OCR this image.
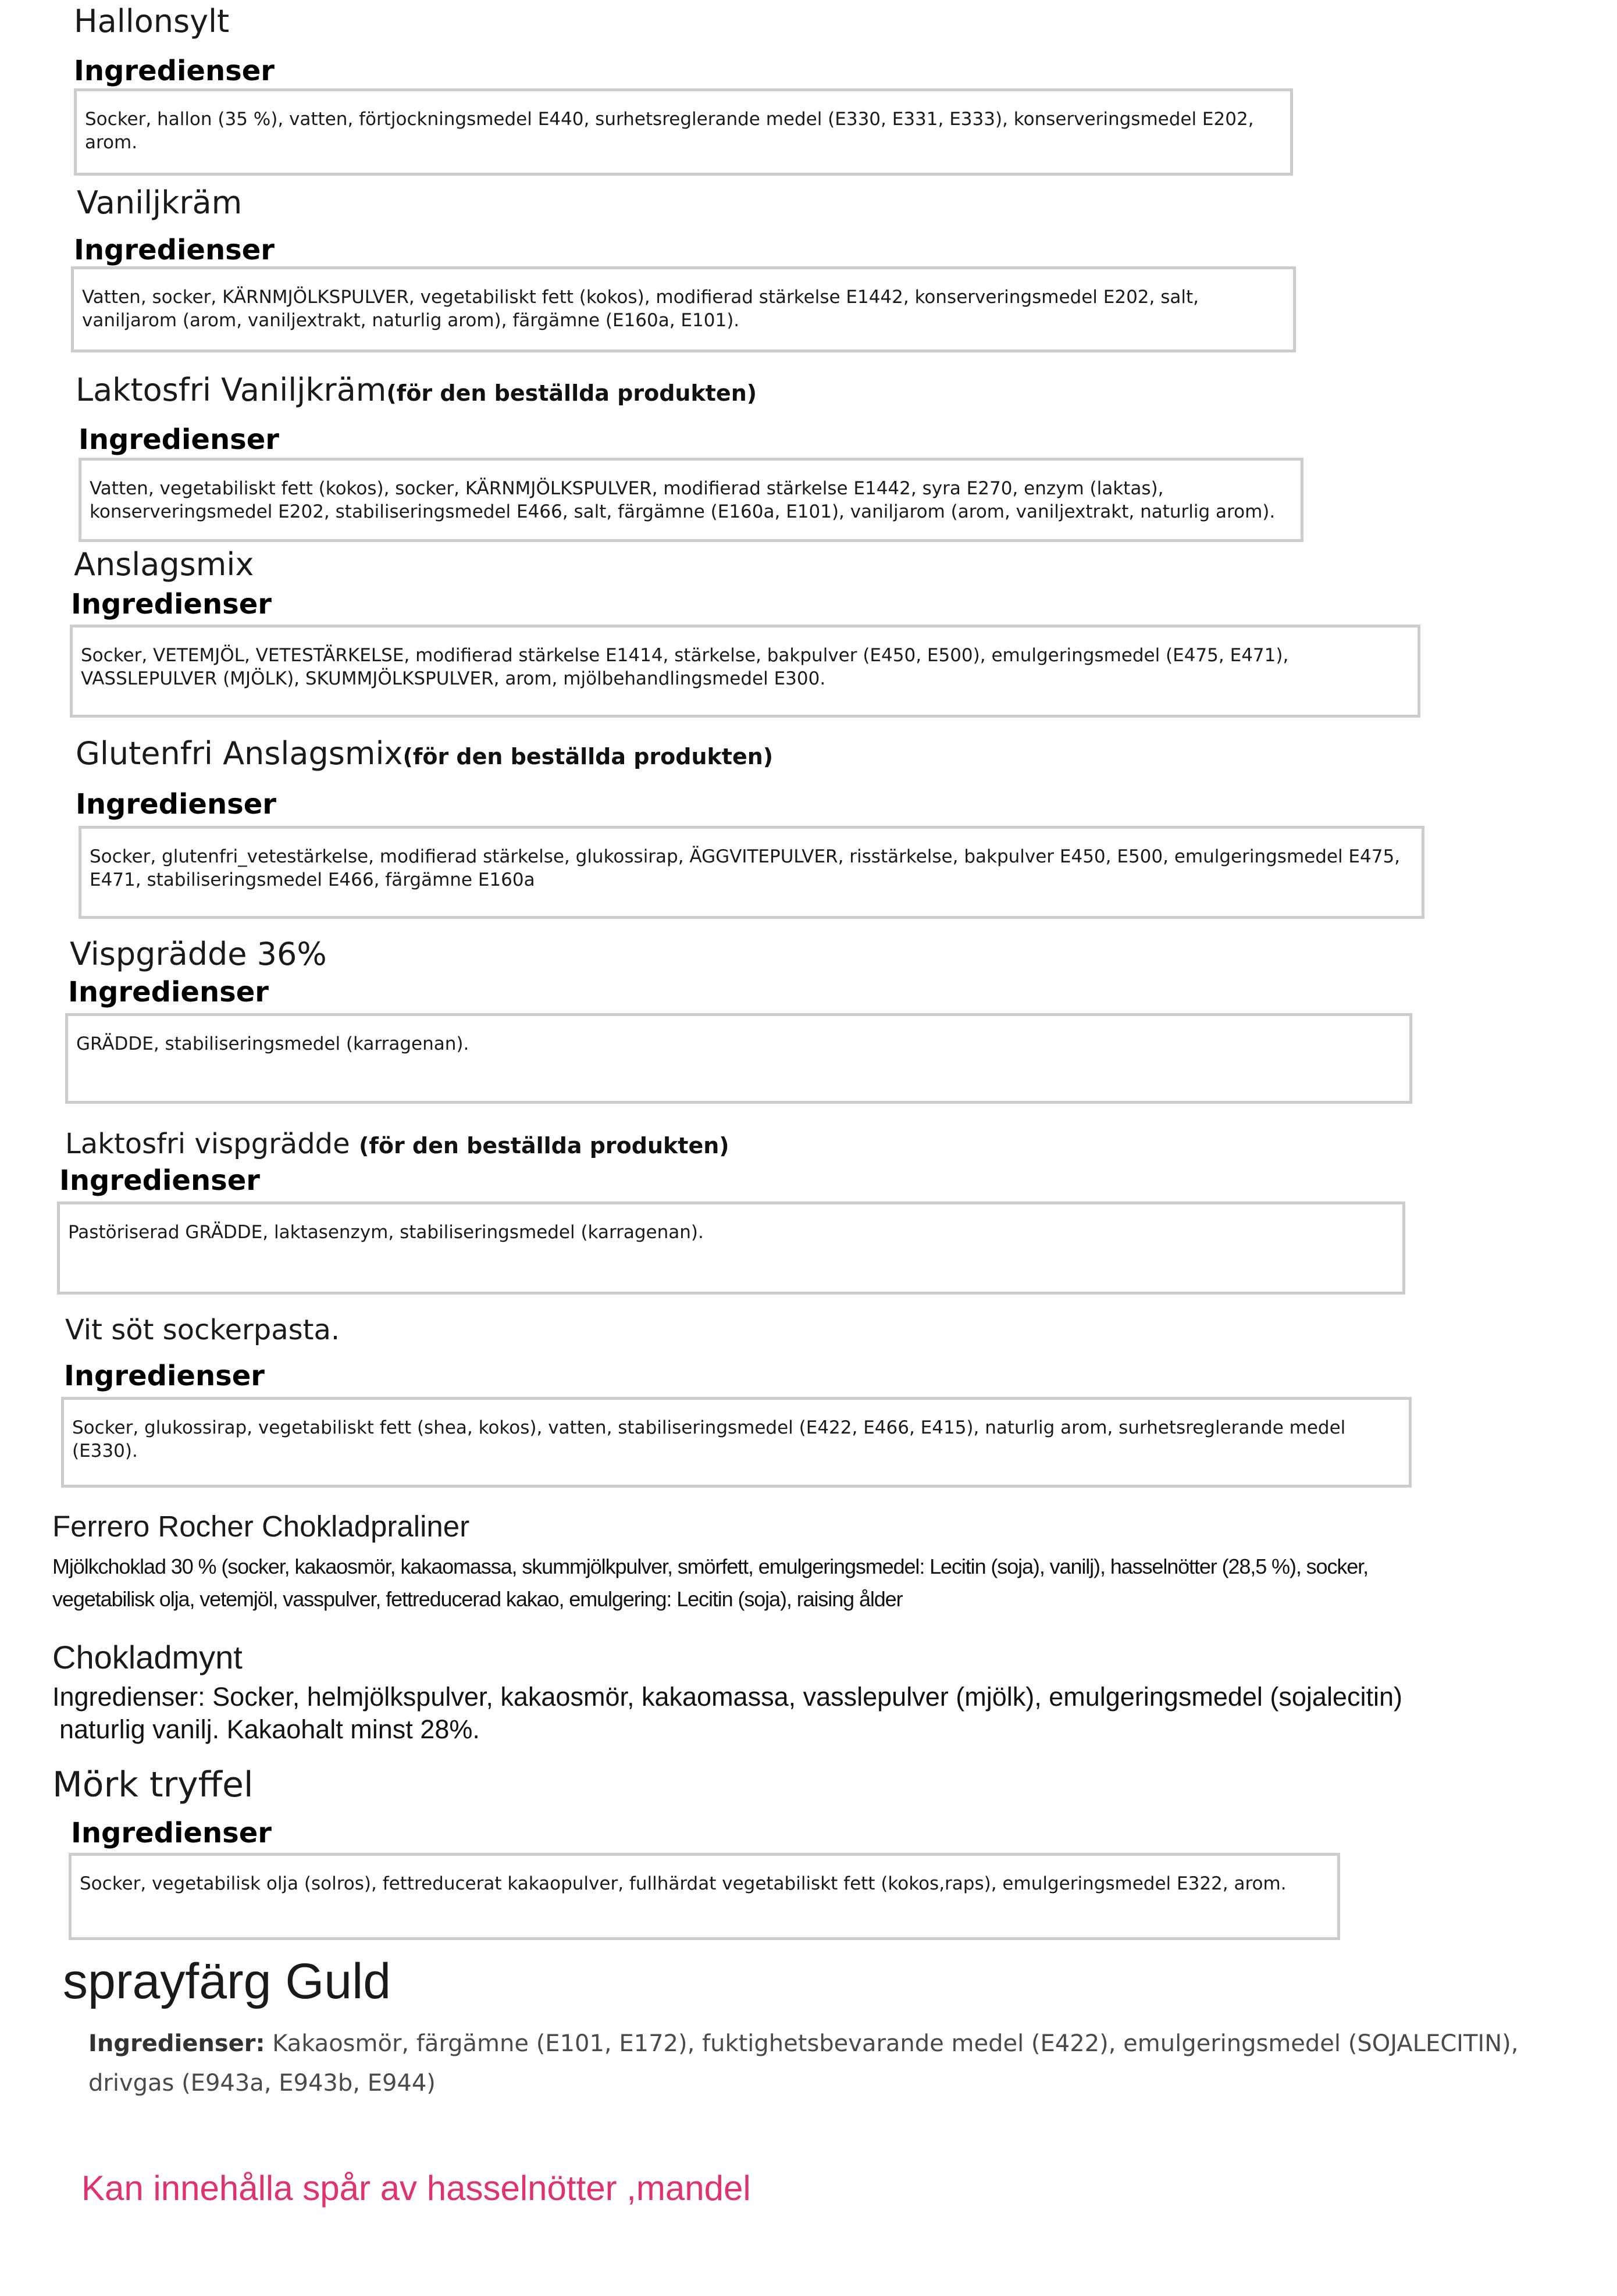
Hallonsylt
Ingredienser
Socker, hallon (35 %), vatten, förtjockningsmedel E440, surhetsreglerande medel (E330, E331, E333), konserveringsmedel E202, arom.
Vaniljkräm
Ingredienser
Vatten, socker, KÄRNMJÖLKSPULVER, vegetabiliskt fett (kokos), modifierad stärkelse E1442, konserveringsmedel E202, salt, vaniljarom (arom, vaniljextrakt, naturlig arom), färgämne (E160a, E101).
Laktosfri Vaniljkräm(för den beställda produkten)
Ingredienser
Vatten, vegetabiliskt fett (kokos), socker, KÄRNMJÖLKSPULVER, modifierad stärkelse E1442, syra E270, enzym (laktas), konserveringsmedel E202, stabiliseringsmedel E466, salt, färgämne (E160a, E101), vaniljarom (arom, vaniljextrakt, naturlig arom).
Anslagsmix
Ingredienser
Socker, VETEMJÖL, VETESTÄRKELSE, modifierad stärkelse E1414, stärkelse, bakpulver (E450, E500), emulgeringsmedel (E475, E471), VASSLEPULVER (MJÖLK), SKUMMJÖLKSPULVER, arom, mjölbehandlingsmedel E300.
Glutenfri Anslagsmix(för den beställda produkten)
Ingredienser
Socker, glutenfri_vetestärkelse, modifierad stärkelse, glukossirap, ÄGGVITEPULVER, risstärkelse, bakpulver E450, E500, emulgeringsmedel E475, E471, stabiliseringsmedel E466, färgämne E160a
Vispgrädde 36%
Ingredienser
GRÄDDE, stabiliseringsmedel (karragenan).
Laktosfri vispgrädde (för den beställda produkten)
Ingredienser
Pastöriserad GRÄDDE, laktasenzym, stabiliseringsmedel (karragenan).
Vit söt sockerpasta.
Ingredienser
Socker, glukossirap, vegetabiliskt fett (shea, kokos), vatten, stabiliseringsmedel (E422, E466, E415), naturlig arom, surhetsreglerande medel (E330).
Ferrero Rocher Chokladpraliner
Mjölkchoklad 30 % (socker, kakaosmör, kakaomassa, skummjölkpulver, smörfett, emulgeringsmedel: Lecitin (soja), vanilj), hasselnötter (28,5 %), socker,
vegetabilisk olja, vetemjöl, vasspulver, fettreducerad kakao, emulgering: Lecitin (soja), raising ålder
Chokladmynt
Ingredienser: Socker, helmjölkspulver, kakaosmör, kakaomassa, vasslepulver (mjölk), emulgeringsmedel (sojalecitin)
naturlig vanilj. Kakaohalt minst 28%.
Mörk tryffel
Ingredienser
Socker, vegetabilisk olja (solros), fettreducerat kakaopulver, fullhärdat vegetabiliskt fett (kokos,raps), emulgeringsmedel E322, arom.
sprayfärg Guld
Ingredienser: Kakaosmör, färgämne (E101, E172), fuktighetsbevarande medel (E422), emulgeringsmedel (SOJALECITIN), drivgas (E943a, E943b, E944)
Kan innehålla spår av hasselnötter ,mandel
